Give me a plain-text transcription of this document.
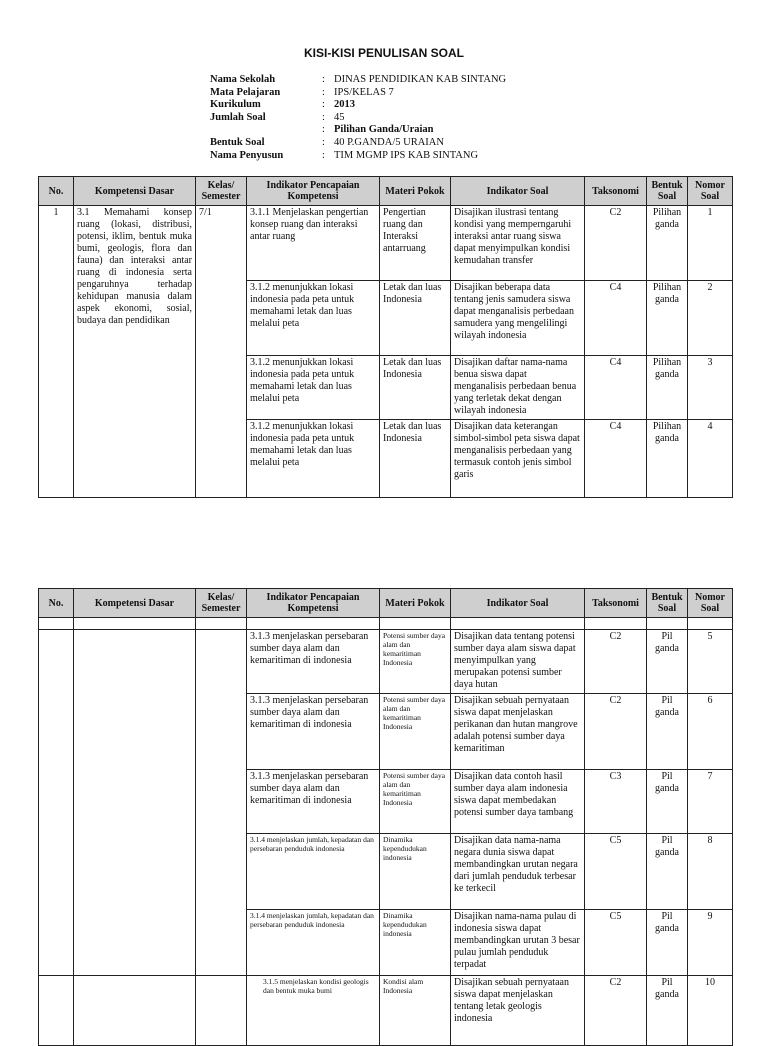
KISI-KISI PENULISAN SOAL
Nama Sekolah	: DINAS PENDIDIKAN KAB SINTANG
Mata Pelajaran	: IPS/KELAS 7
Kurikulum	: 2013
Jumlah Soal	: 45
: Pilihan Ganda/Uraian
Bentuk Soal	: 40 P.GANDA/5 URAIAN
Nama Penyusun	: TIM MGMP IPS KAB SINTANG
No.	Kompetensi Dasar	Kelas/ Semester	Indikator Pencapaian Kompetensi	Materi Pokok	Indikator Soal	Taksonomi	Bentuk Soal	Nomor Soal
1	3.1 Memahami konsep ruang (lokasi, distribusi, potensi, iklim, bentuk muka bumi, geologis, flora dan fauna) dan interaksi antar ruang di indonesia serta pengaruhnya terhadap kehidupan manusia dalam aspek ekonomi, sosial, budaya dan pendidikan	7/1	3.1.1 Menjelaskan pengertian konsep ruang dan interaksi antar ruang	Pengertian ruang dan Interaksi antarruang	Disajikan ilustrasi tentang kondisi yang memperngaruhi interaksi antar ruang siswa dapat menyimpulkan kondisi kemudahan transfer	C2	Pilihan ganda	1
			3.1.2 menunjukkan lokasi indonesia pada peta untuk memahami letak dan luas melalui peta	Letak dan luas Indonesia	Disajikan beberapa data tentang jenis samudera siswa dapat menganalisis perbedaan samudera yang mengelilingi wilayah indonesia	C4	Pilihan ganda	2
			3.1.2 menunjukkan lokasi indonesia pada peta untuk memahami letak dan luas melalui peta	Letak dan luas Indonesia	Disajikan daftar nama-nama benua siswa dapat menganalisis perbedaan benua yang terletak dekat dengan wilayah indonesia	C4	Pilihan ganda	3
			3.1.2 menunjukkan lokasi indonesia pada peta untuk memahami letak dan luas melalui peta	Letak dan luas Indonesia	Disajikan data keterangan simbol-simbol peta siswa dapat menganalisis perbedaan yang termasuk contoh jenis simbol garis	C4	Pilihan ganda	4
No.	Kompetensi Dasar	Kelas/ Semester	Indikator Pencapaian Kompetensi	Materi Pokok	Indikator Soal	Taksonomi	Bentuk Soal	Nomor Soal

			3.1.3 menjelaskan persebaran sumber daya alam dan kemaritiman di indonesia	Potensi sumber daya alam dan kemaritiman Indonesia	Disajikan data tentang potensi sumber daya alam siswa dapat menyimpulkan yang merupakan potensi sumber daya hutan	C2	Pil ganda	5
			3.1.3 menjelaskan persebaran sumber daya alam dan kemaritiman di indonesia	Potensi sumber daya alam dan kemaritiman Indonesia	Disajikan sebuah pernyataan siswa dapat menjelaskan perikanan dan hutan mangrove adalah potensi sumber daya kemaritiman	C2	Pil ganda	6
			3.1.3 menjelaskan persebaran sumber daya alam dan kemaritiman di indonesia	Potensi sumber daya alam dan kemaritiman Indonesia	Disajikan data contoh hasil sumber daya alam indonesia siswa dapat membedakan potensi sumber daya tambang	C3	Pil ganda	7
			3.1.4 menjelaskan jumlah, kepadatan dan persebaran penduduk indonesia	Dinamika kependudukan indonesia	Disajikan data nama-nama negara dunia siswa dapat membandingkan urutan negara dari jumlah penduduk terbesar ke terkecil	C5	Pil ganda	8
			3.1.4 menjelaskan jumlah, kepadatan dan persebaran penduduk indonesia	Dinamika kependudukan indonesia	Disajikan nama-nama pulau di indonesia siswa dapat membandingkan urutan 3 besar pulau jumlah penduduk terpadat	C5	Pil ganda	9
			3.1.5 menjelaskan kondisi geologis dan bentuk muka bumi	Kondisi alam Indonesia	Disajikan sebuah pernyataan siswa dapat menjelaskan tentang letak geologis indonesia	C2	Pil ganda	10
